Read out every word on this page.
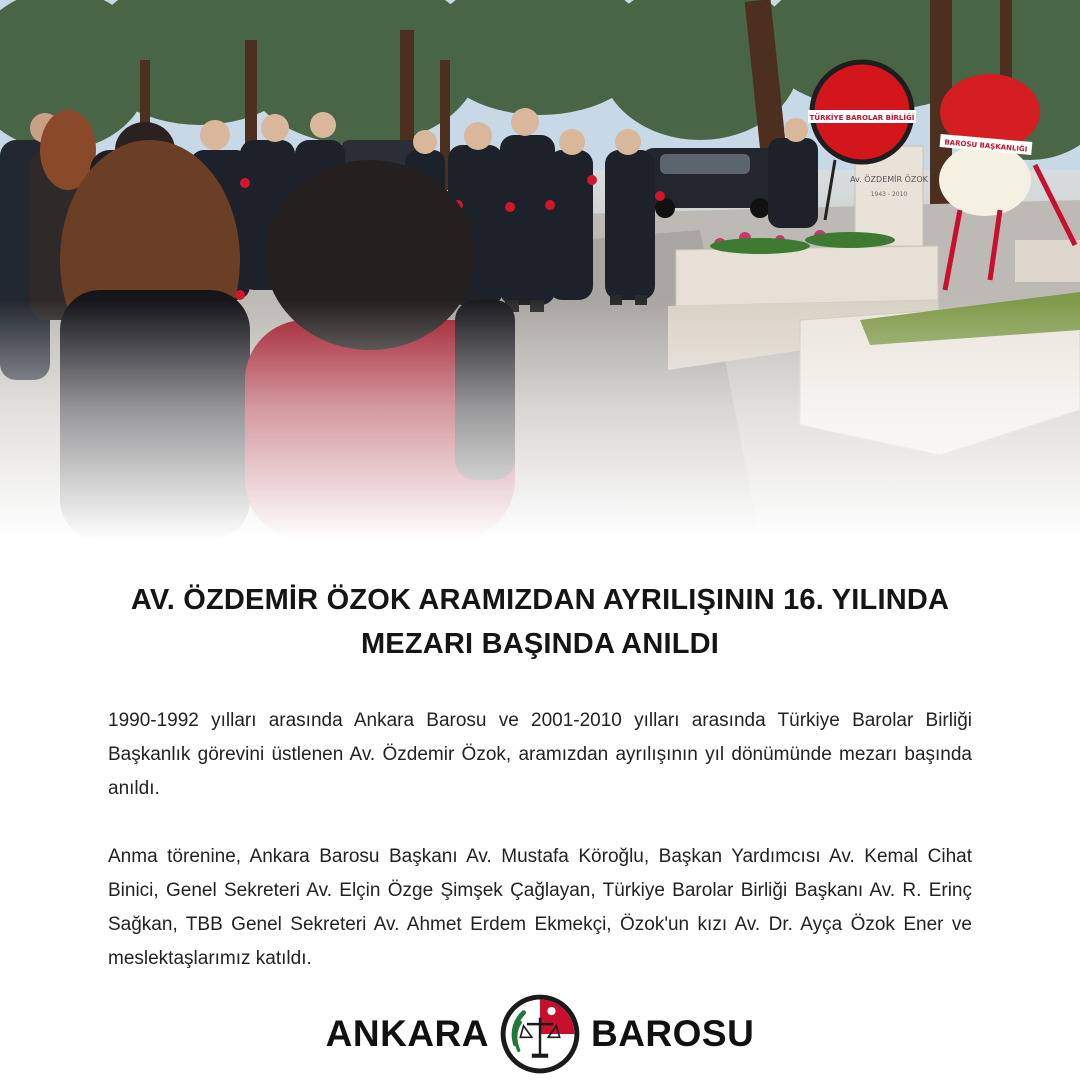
Av. ÖZDEMİR ÖZOK
1943 - 2010
TÜRKİYE BAROLAR BİRLİĞİ
BAROSU BAŞKANLIĞI
AV. ÖZDEMİR ÖZOK ARAMIZDAN AYRILIŞININ 16. YILINDA
MEZARI BAŞINDA ANILDI

1990-1992 yılları arasında Ankara Barosu ve 2001-2010 yılları arasında Türkiye Barolar Birliği Başkanlık görevini üstlenen Av. Özdemir Özok, aramızdan ayrılışının yıl dönümünde mezarı başında anıldı.

Anma törenine, Ankara Barosu Başkanı Av. Mustafa Köroğlu, Başkan Yardımcısı Av. Kemal Cihat Binici, Genel Sekreteri Av. Elçin Özge Şimşek Çağlayan, Türkiye Barolar Birliği Başkanı Av. R. Erinç Sağkan, TBB Genel Sekreteri Av. Ahmet Erdem Ekmekçi, Özok'un kızı Av. Dr. Ayça Özok Ener ve meslektaşlarımız katıldı.

ANKARA	BAROSU
